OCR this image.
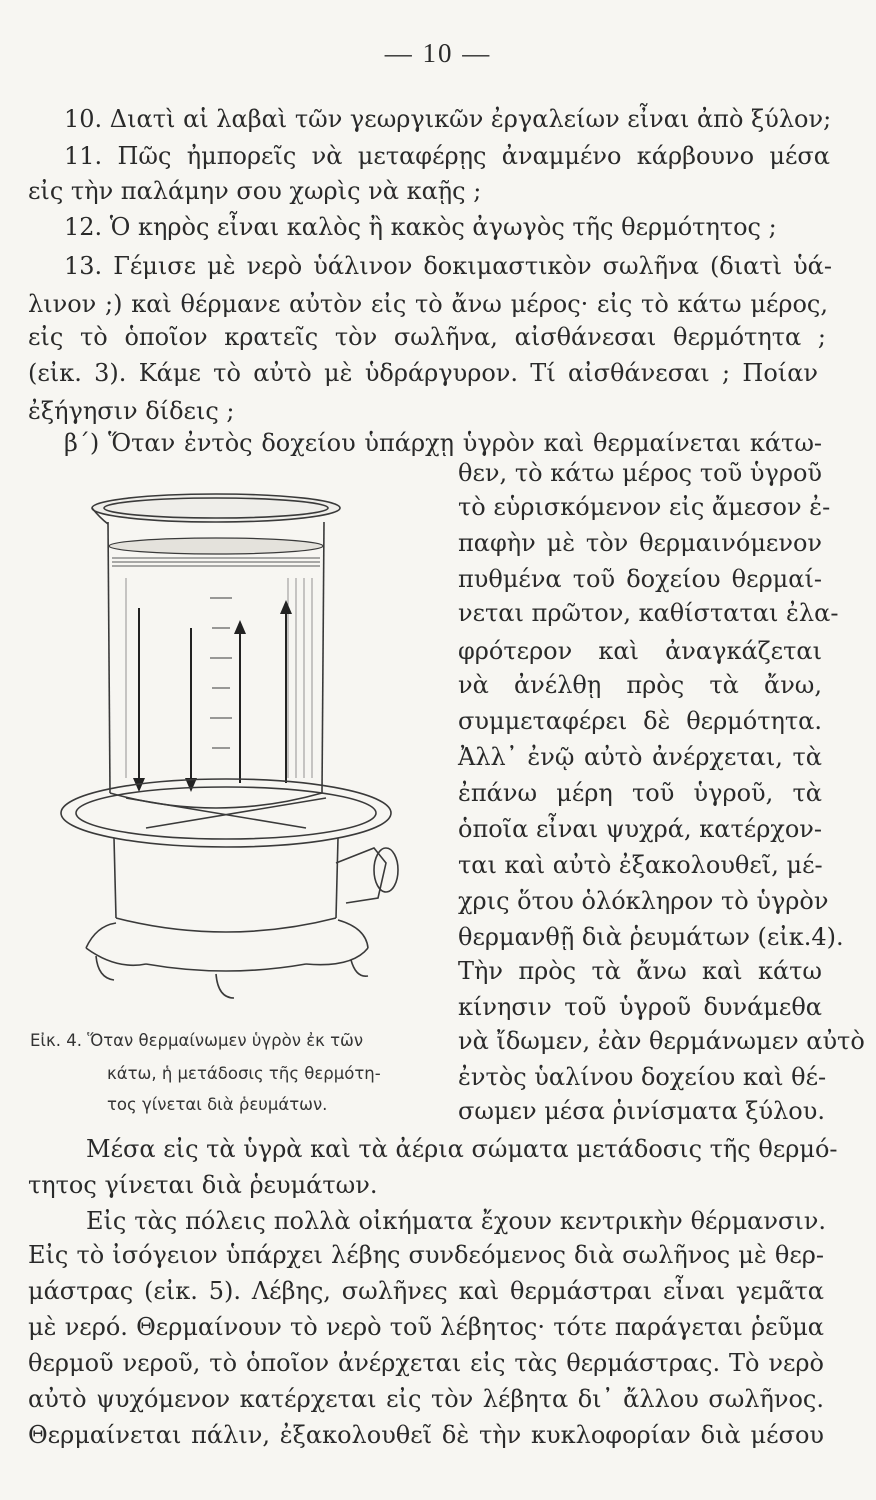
— 10 —
10. Διατὶ αἱ λαβαὶ τῶν γεωργικῶν ἐργαλείων εἶναι ἀπὸ ξύλον;
11. Πῶς ἠμπορεῖς νὰ μεταφέρῃς ἀναμμένο κάρβουνο μέσα
εἰς τὴν παλάμην σου χωρὶς νὰ καῇς ;
12. Ὁ κηρὸς εἶναι καλὸς ἢ κακὸς ἀγωγὸς τῆς θερμότητος ;
13. Γέμισε μὲ νερὸ ὑάλινον δοκιμαστικὸν σωλῆνα (διατὶ ὑά-
λινον ;) καὶ θέρμανε αὐτὸν εἰς τὸ ἄνω μέρος· εἰς τὸ κάτω μέρος,
εἰς τὸ ὁποῖον κρατεῖς τὸν σωλῆνα, αἰσθάνεσαι θερμότητα ;
(εἰκ. 3). Κάμε τὸ αὐτὸ μὲ ὑδράργυρον. Τί αἰσθάνεσαι ; Ποίαν
ἐξήγησιν δίδεις ;
β΄) Ὅταν ἐντὸς δοχείου ὑπάρχῃ ὑγρὸν καὶ θερμαίνεται κάτω-
θεν, τὸ κάτω μέρος τοῦ ὑγροῦ
τὸ εὑρισκόμενον εἰς ἄμεσον ἐ-
παφὴν μὲ τὸν θερμαινόμενον
πυθμένα τοῦ δοχείου θερμαί-
νεται πρῶτον, καθίσταται ἐλα-
φρότερον καὶ ἀναγκάζεται
νὰ ἀνέλθῃ πρὸς τὰ ἄνω,
συμμεταφέρει δὲ θερμότητα.
Ἀλλ᾽ ἐνῷ αὐτὸ ἀνέρχεται, τὰ
ἐπάνω μέρη τοῦ ὑγροῦ, τὰ
ὁποῖα εἶναι ψυχρά, κατέρχον-
ται καὶ αὐτὸ ἐξακολουθεῖ, μέ-
χρις ὅτου ὁλόκληρον τὸ ὑγρὸν
θερμανθῇ διὰ ῥευμάτων (εἰκ.4).
Τὴν πρὸς τὰ ἄνω καὶ κάτω
κίνησιν τοῦ ὑγροῦ δυνάμεθα
νὰ ἴδωμεν, ἐὰν θερμάνωμεν αὐτὸ
ἐντὸς ὑαλίνου δοχείου καὶ θέ-
σωμεν μέσα ῥινίσματα ξύλου.
Εἰκ. 4. Ὅταν θερμαίνωμεν ὑγρὸν ἐκ τῶν
κάτω, ἡ μετάδοσις τῆς θερμότη-
τος γίνεται διὰ ῥευμάτων.
Μέσα εἰς τὰ ὑγρὰ καὶ τὰ ἀέρια σώματα μετάδοσις τῆς θερμό-
τητος γίνεται διὰ ῥευμάτων.
Εἰς τὰς πόλεις πολλὰ οἰκήματα ἔχουν κεντρικὴν θέρμανσιν.
Εἰς τὸ ἰσόγειον ὑπάρχει λέβης συνδεόμενος διὰ σωλῆνος μὲ θερ-
μάστρας (εἰκ. 5). Λέβης, σωλῆνες καὶ θερμάστραι εἶναι γεμᾶτα
μὲ νερό. Θερμαίνουν τὸ νερὸ τοῦ λέβητος· τότε παράγεται ῥεῦμα
θερμοῦ νεροῦ, τὸ ὁποῖον ἀνέρχεται εἰς τὰς θερμάστρας. Τὸ νερὸ
αὐτὸ ψυχόμενον κατέρχεται εἰς τὸν λέβητα δι᾽ ἄλλου σωλῆνος.
Θερμαίνεται πάλιν, ἐξακολουθεῖ δὲ τὴν κυκλοφορίαν διὰ μέσου
